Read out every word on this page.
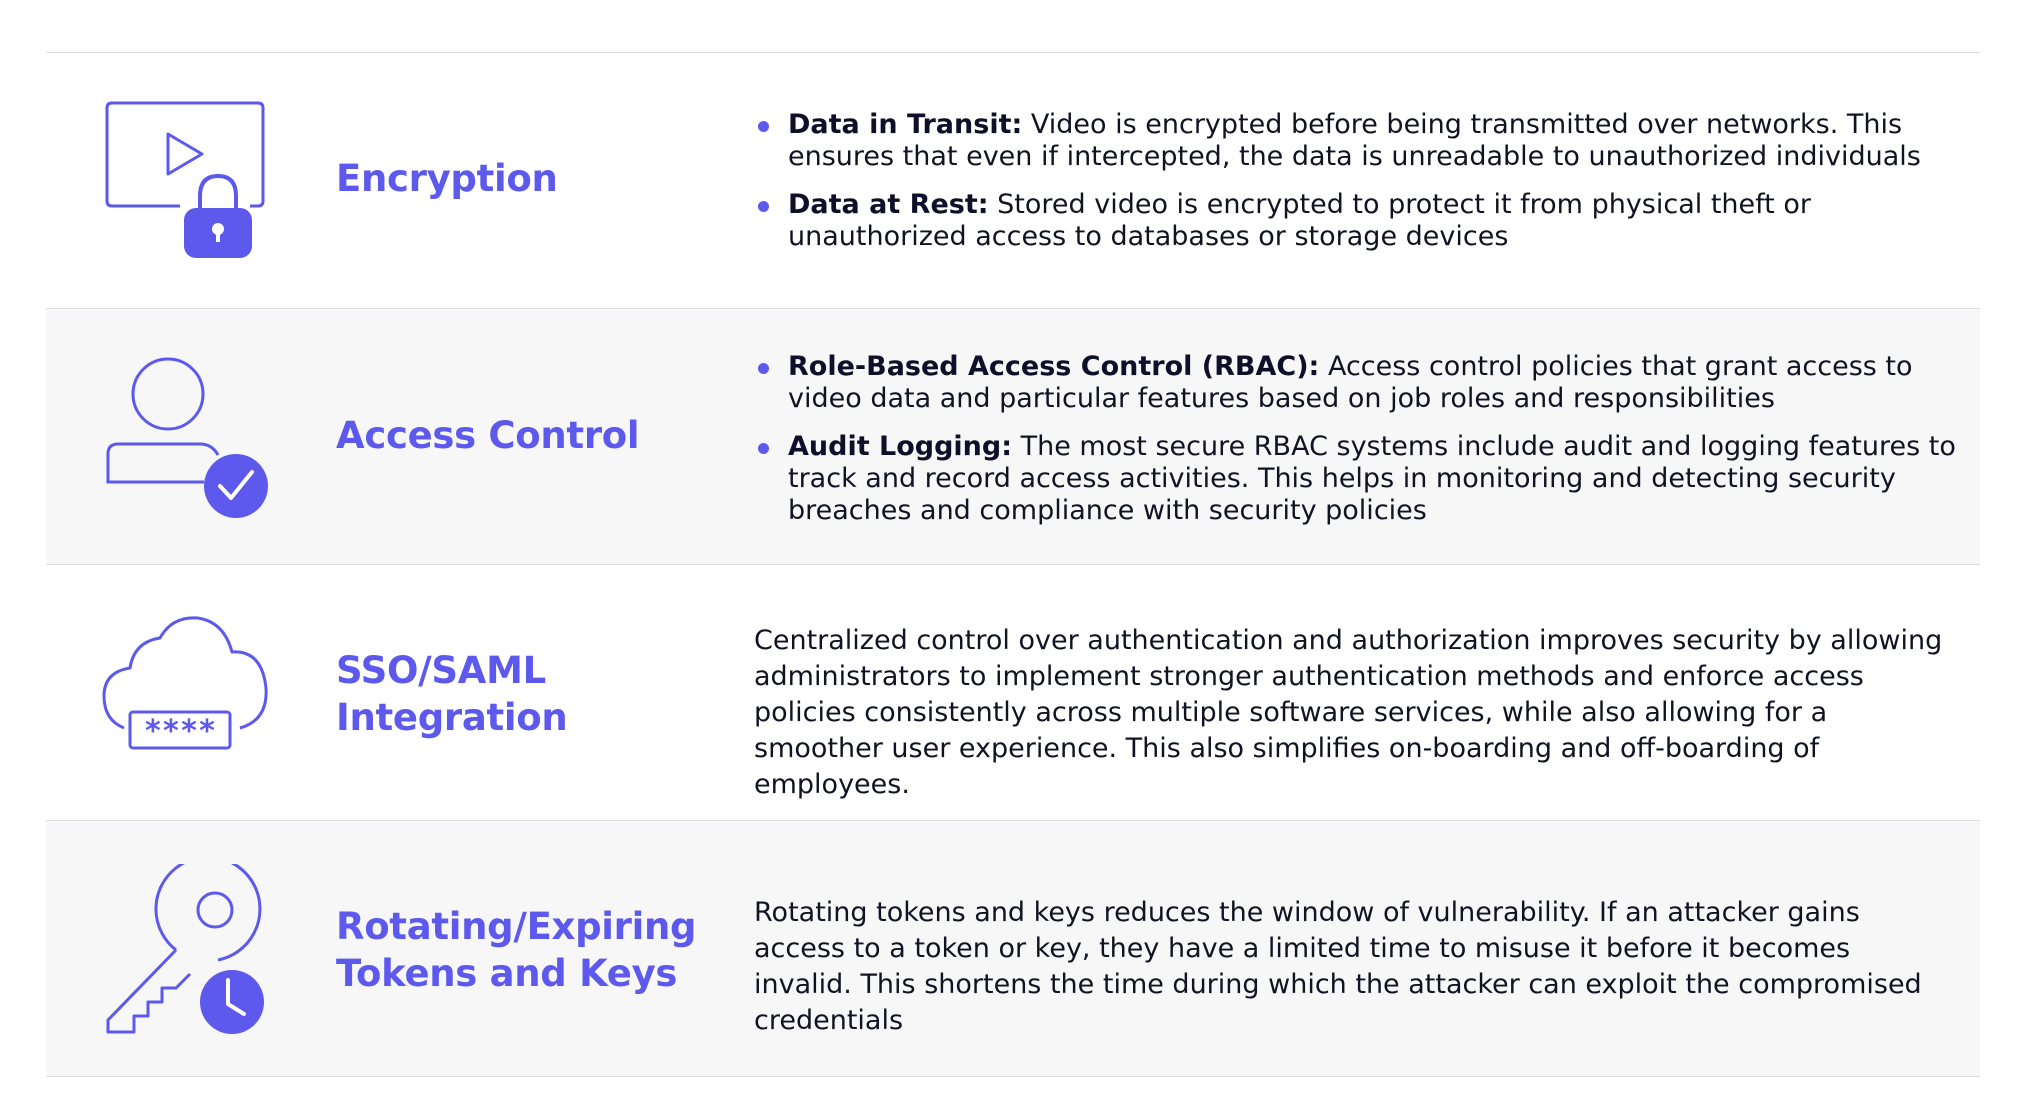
Encryption
Data in Transit: Video is encrypted before being transmitted over networks. This ensures that even if intercepted, the data is unreadable to unauthorized individuals
Data at Rest: Stored video is encrypted to protect it from physical theft or unauthorized access to databases or storage devices
Access Control
Role-Based Access Control (RBAC): Access control policies that grant access to video data and particular features based on job roles and responsibilities
Audit Logging: The most secure RBAC systems include audit and logging features to track and record access activities. This helps in monitoring and detecting security breaches and compliance with security policies
****
SSO/SAML
Integration

Centralized control over authentication and authorization improves security by allowing administrators to implement stronger authentication methods and enforce access policies consistently across multiple software services, while also allowing for a smoother user experience. This also simplifies on-boarding and off-boarding of employees.

Rotating/Expiring
Tokens and Keys

Rotating tokens and keys reduces the window of vulnerability. If an attacker gains access to a token or key, they have a limited time to misuse it before it becomes invalid. This shortens the time during which the attacker can exploit the compromised credentials
